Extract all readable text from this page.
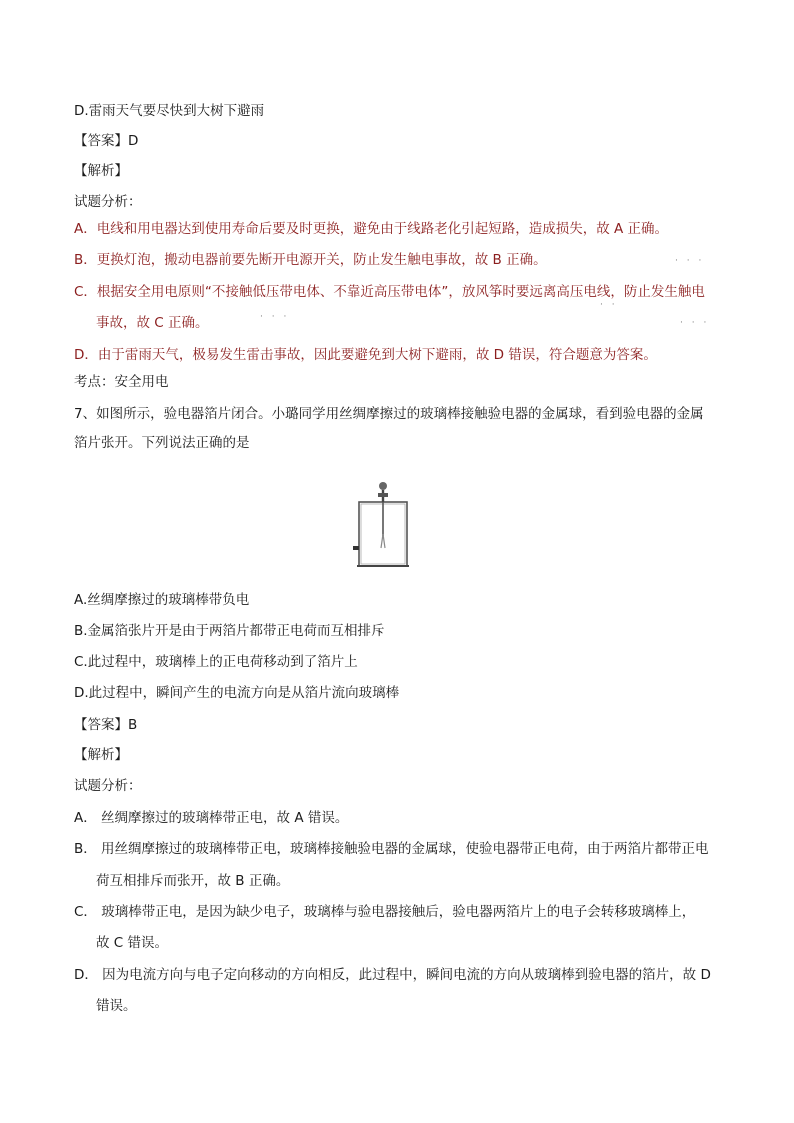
D.雷雨天气要尽快到大树下避雨
【答案】D
【解析】
试题分析：
A．电线和用电器达到使用寿命后要及时更换，避免由于线路老化引起短路，造成损失，故 A 正确。
B．更换灯泡，搬动电器前要先断开电源开关，防止发生触电事故，故 B 正确。
C．根据安全用电原则“不接触低压带电体、不靠近高压带电体”，放风筝时要远离高压电线，防止发生触电
事故，故 C 正确。
D．由于雷雨天气，极易发生雷击事故，因此要避免到大树下避雨，故 D 错误，符合题意为答案。
考点：安全用电
· · ·
· · ·
· ·
· · ·
7、如图所示，验电器箔片闭合。小璐同学用丝绸摩擦过的玻璃棒接触验电器的金属球，看到验电器的金属
箔片张开。下列说法正确的是
A.丝绸摩擦过的玻璃棒带负电
B.金属箔张片开是由于两箔片都带正电荷而互相排斥
C.此过程中，玻璃棒上的正电荷移动到了箔片上
D.此过程中，瞬间产生的电流方向是从箔片流向玻璃棒
【答案】B
【解析】
试题分析：
A． 丝绸摩擦过的玻璃棒带正电，故 A 错误。
B． 用丝绸摩擦过的玻璃棒带正电，玻璃棒接触验电器的金属球，使验电器带正电荷，由于两箔片都带正电
荷互相排斥而张开，故 B 正确。
C． 玻璃棒带正电，是因为缺少电子，玻璃棒与验电器接触后，验电器两箔片上的电子会转移玻璃棒上，
故 C 错误。
D． 因为电流方向与电子定向移动的方向相反，此过程中，瞬间电流的方向从玻璃棒到验电器的箔片，故 D
错误。
